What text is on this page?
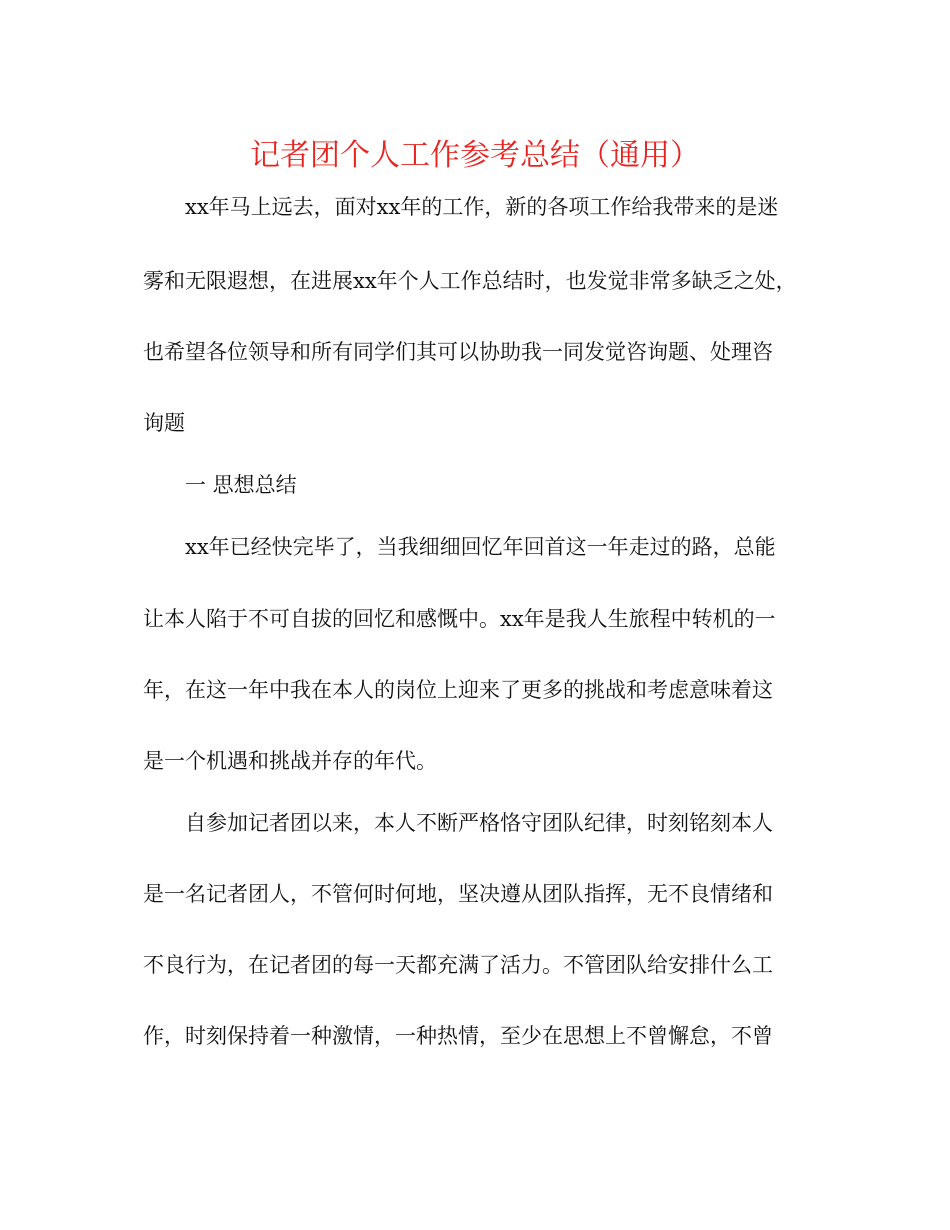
记者团个人工作参考总结（通用）
xx年马上远去，面对xx年的工作，新的各项工作给我带来的是迷
雾和无限遐想，在进展xx年个人工作总结时，也发觉非常多缺乏之处，
也希望各位领导和所有同学们其可以协助我一同发觉咨询题、处理咨
询题
一 思想总结
xx年已经快完毕了，当我细细回忆年回首这一年走过的路，总能
让本人陷于不可自拔的回忆和感慨中。xx年是我人生旅程中转机的一
年，在这一年中我在本人的岗位上迎来了更多的挑战和考虑意味着这
是一个机遇和挑战并存的年代。
自参加记者团以来，本人不断严格恪守团队纪律，时刻铭刻本人
是一名记者团人，不管何时何地，坚决遵从团队指挥，无不良情绪和
不良行为，在记者团的每一天都充满了活力。不管团队给安排什么工
作，时刻保持着一种激情，一种热情，至少在思想上不曾懈怠，不曾
